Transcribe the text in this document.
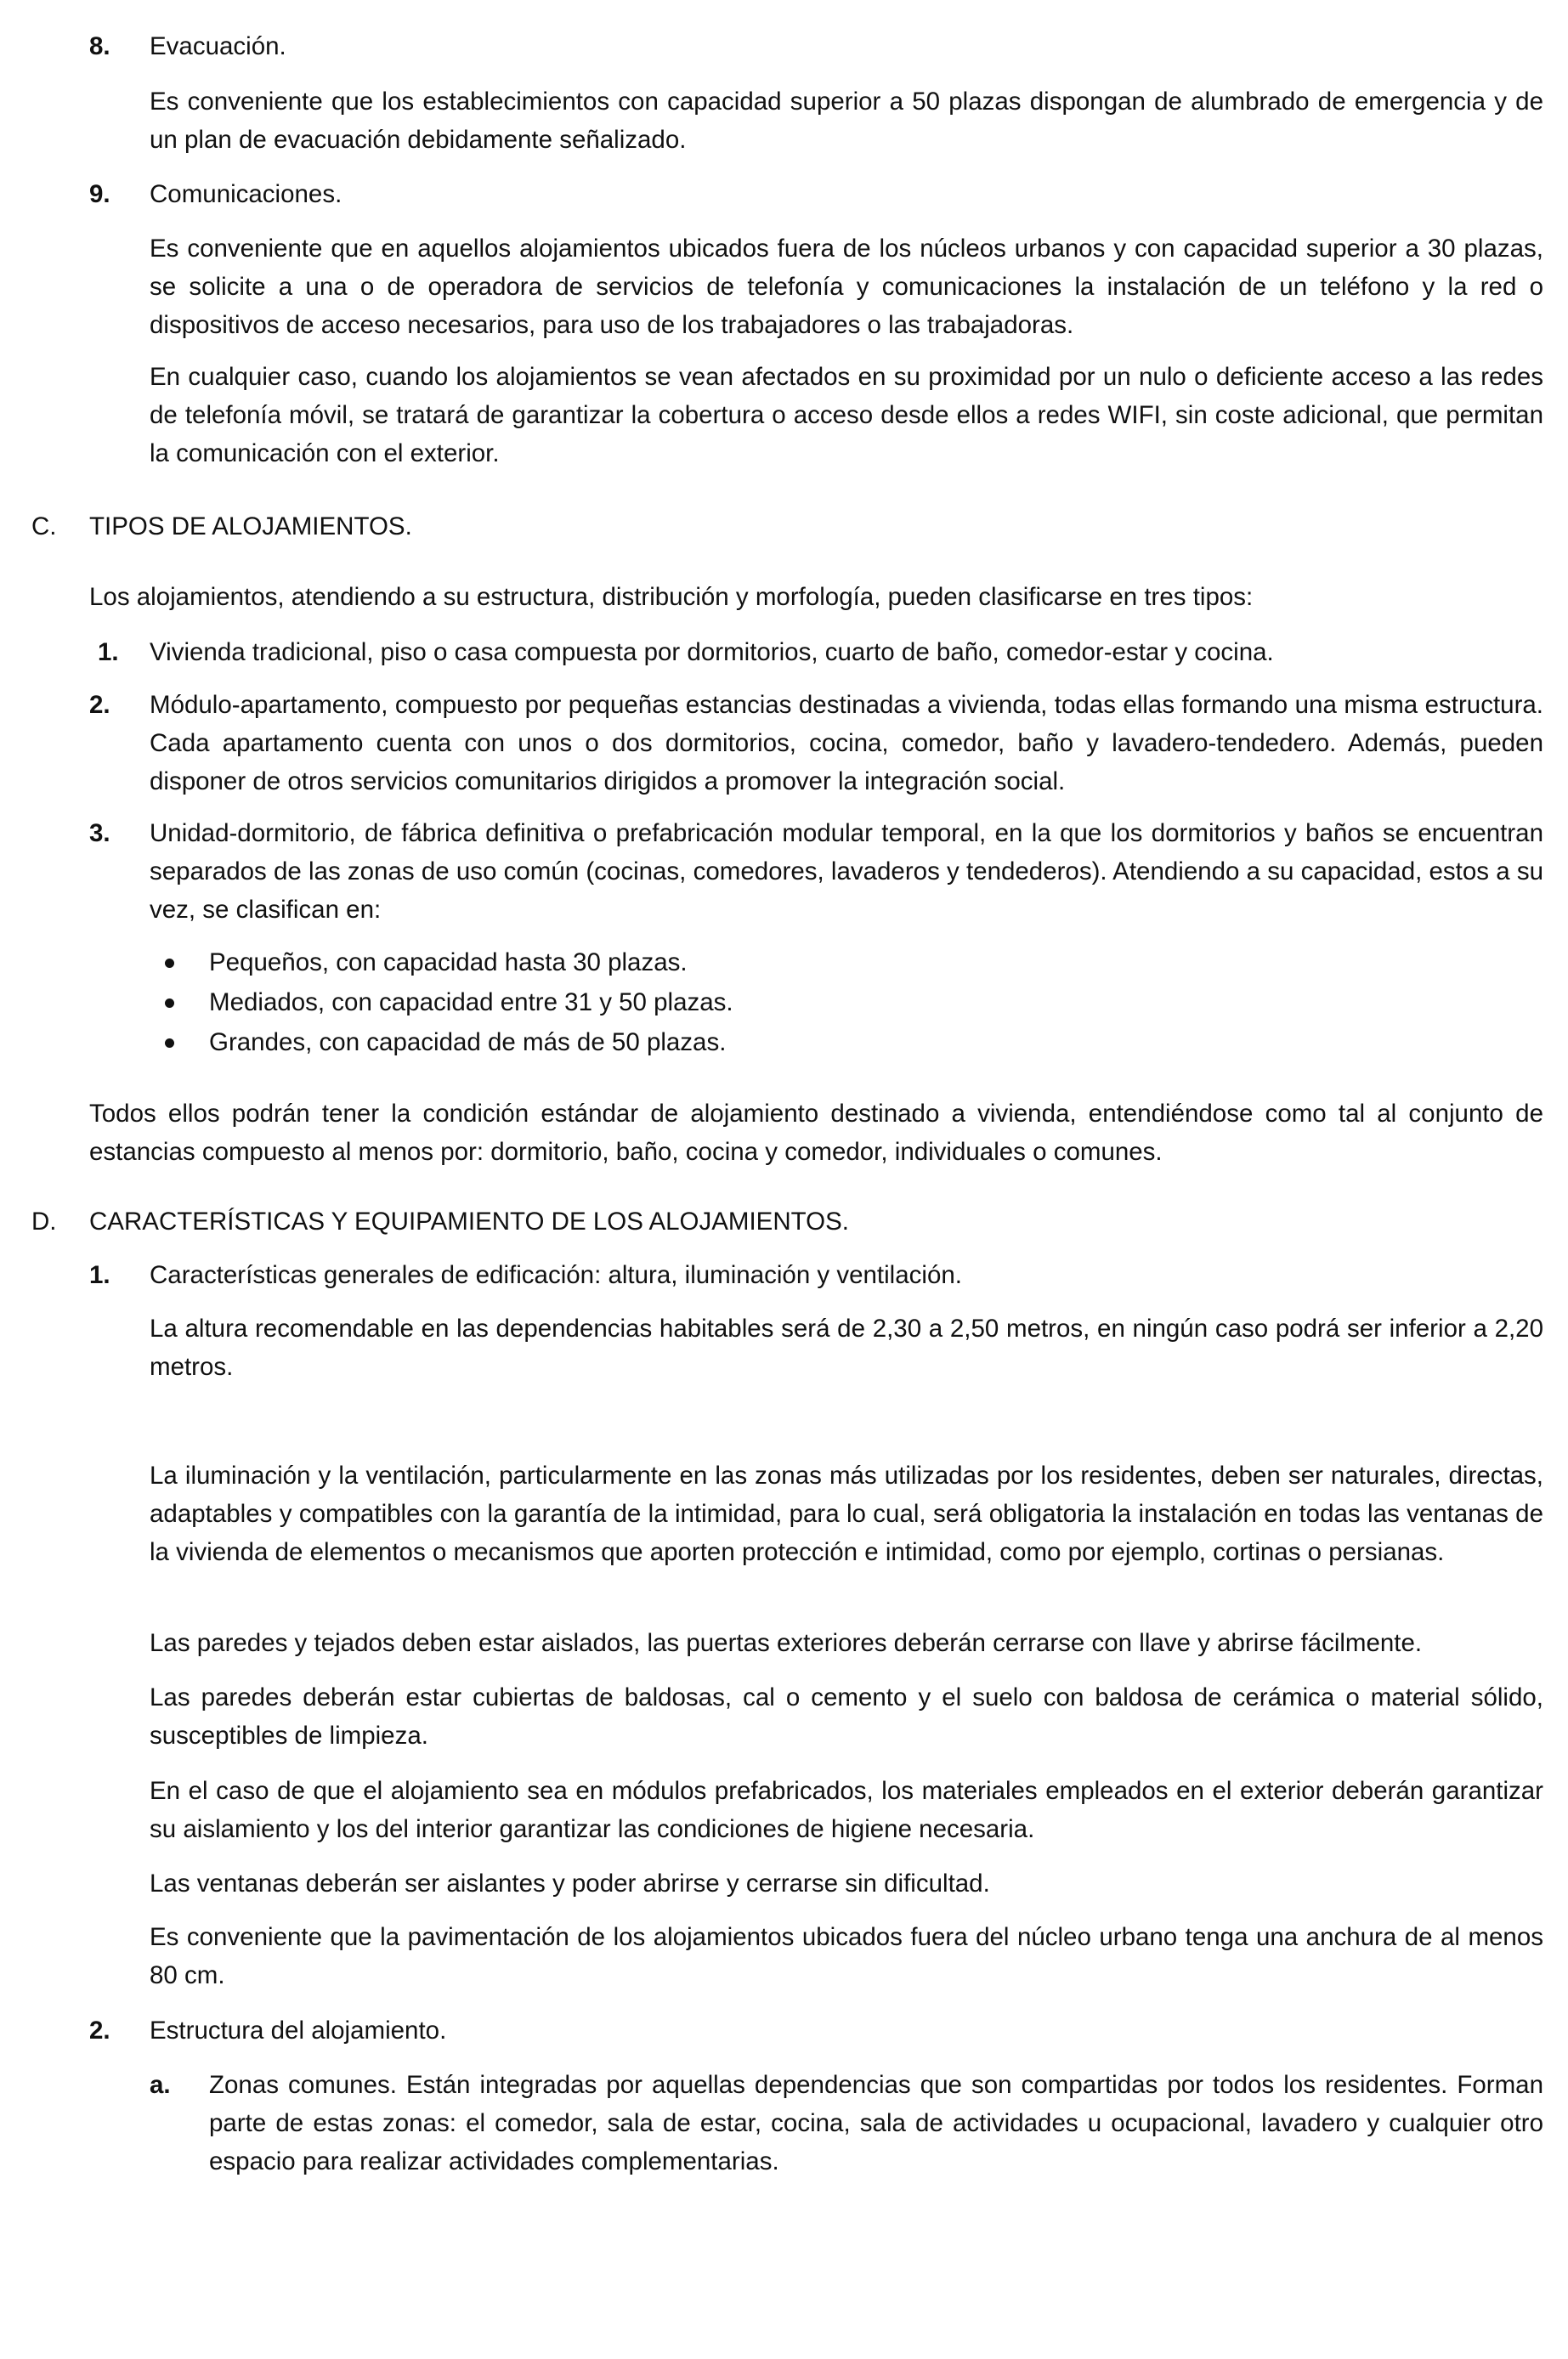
8. Evacuación.

Es conveniente que los establecimientos con capacidad superior a 50 plazas dispongan de alumbrado de emergencia y de un plan de evacuación debidamente señalizado.

9. Comunicaciones.

Es conveniente que en aquellos alojamientos ubicados fuera de los núcleos urbanos y con capacidad superior a 30 plazas, se solicite a una o de operadora de servicios de telefonía y comunicaciones la instalación de un teléfono y la red o dispositivos de acceso necesarios, para uso de los trabajadores o las trabajadoras.

En cualquier caso, cuando los alojamientos se vean afectados en su proximidad por un nulo o deficiente acceso a las redes de telefonía móvil, se tratará de garantizar la cobertura o acceso desde ellos a redes WIFI, sin coste adicional, que permitan la comunicación con el exterior.

C. TIPOS DE ALOJAMIENTOS.

Los alojamientos, atendiendo a su estructura, distribución y morfología, pueden clasificarse en tres tipos:

1. Vivienda tradicional, piso o casa compuesta por dormitorios, cuarto de baño, comedor-estar y cocina.

2. Módulo-apartamento, compuesto por pequeñas estancias destinadas a vivienda, todas ellas formando una misma estructura. Cada apartamento cuenta con unos o dos dormitorios, cocina, comedor, baño y lavadero-tendedero. Además, pueden disponer de otros servicios comunitarios dirigidos a promover la integración social.

3. Unidad-dormitorio, de fábrica definitiva o prefabricación modular temporal, en la que los dormitorios y baños se encuentran separados de las zonas de uso común (cocinas, comedores, lavaderos y tendederos). Atendiendo a su capacidad, estos a su vez, se clasifican en:

Pequeños, con capacidad hasta 30 plazas.
Mediados, con capacidad entre 31 y 50 plazas.
Grandes, con capacidad de más de 50 plazas.

Todos ellos podrán tener la condición estándar de alojamiento destinado a vivienda, entendiéndose como tal al conjunto de estancias compuesto al menos por: dormitorio, baño, cocina y comedor, individuales o comunes.

D. CARACTERÍSTICAS Y EQUIPAMIENTO DE LOS ALOJAMIENTOS.
1. Características generales de edificación: altura, iluminación y ventilación.

La altura recomendable en las dependencias habitables será de 2,30 a 2,50 metros, en ningún caso podrá ser inferior a 2,20 metros.

La iluminación y la ventilación, particularmente en las zonas más utilizadas por los residentes, deben ser naturales, directas, adaptables y compatibles con la garantía de la intimidad, para lo cual, será obligatoria la instalación en todas las ventanas de la vivienda de elementos o mecanismos que aporten protección e intimidad, como por ejemplo, cortinas o persianas.

Las paredes y tejados deben estar aislados, las puertas exteriores deberán cerrarse con llave y abrirse fácilmente.

Las paredes deberán estar cubiertas de baldosas, cal o cemento y el suelo con baldosa de cerámica o material sólido, susceptibles de limpieza.

En el caso de que el alojamiento sea en módulos prefabricados, los materiales empleados en el exterior deberán garantizar su aislamiento y los del interior garantizar las condiciones de higiene necesaria.

Las ventanas deberán ser aislantes y poder abrirse y cerrarse sin dificultad.

Es conveniente que la pavimentación de los alojamientos ubicados fuera del núcleo urbano tenga una anchura de al menos 80 cm.

2. Estructura del alojamiento.
a. Zonas comunes. Están integradas por aquellas dependencias que son compartidas por todos los residentes. Forman parte de estas zonas: el comedor, sala de estar, cocina, sala de actividades u ocupacional, lavadero y cualquier otro espacio para realizar actividades complementarias.
